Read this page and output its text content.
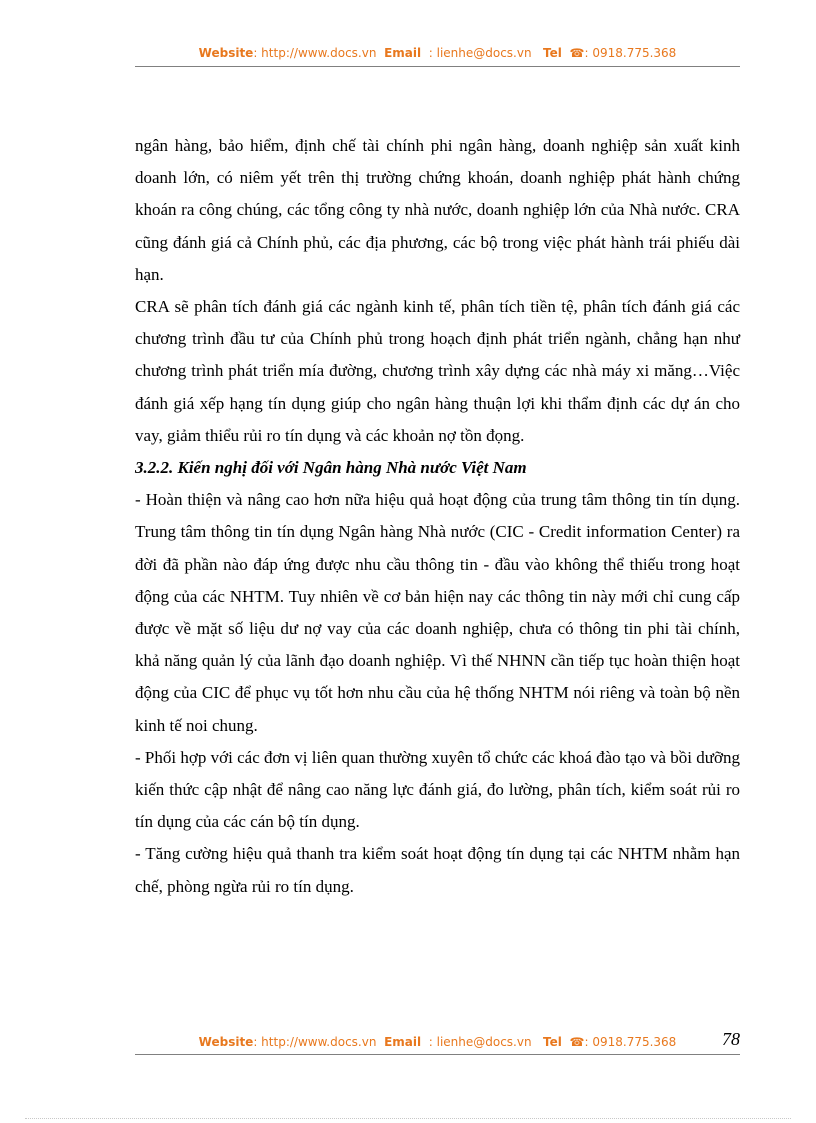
Website: http://www.docs.vn Email : lienhe@docs.vn Tel ☎: 0918.775.368

ngân hàng, bảo hiểm, định chế tài chính phi ngân hàng, doanh nghiệp sản xuất kinh doanh lớn, có niêm yết trên thị trường chứng khoán, doanh nghiệp phát hành chứng khoán ra công chúng, các tổng công ty nhà nước, doanh nghiệp lớn của Nhà nước. CRA cũng đánh giá cả Chính phủ, các địa phương, các bộ trong việc phát hành trái phiếu dài hạn.

CRA sẽ phân tích đánh giá các ngành kinh tế, phân tích tiền tệ, phân tích đánh giá các chương trình đầu tư của Chính phủ trong hoạch định phát triển ngành, chẳng hạn như chương trình phát triển mía đường, chương trình xây dựng các nhà máy xi măng…Việc đánh giá xếp hạng tín dụng giúp cho ngân hàng thuận lợi khi thẩm định các dự án cho vay, giảm thiểu rủi ro tín dụng và các khoản nợ tồn đọng.

3.2.2. Kiến nghị đối với Ngân hàng Nhà nước Việt Nam

- Hoàn thiện và nâng cao hơn nữa hiệu quả hoạt động của trung tâm thông tin tín dụng. Trung tâm thông tin tín dụng Ngân hàng Nhà nước (CIC - Credit information Center) ra đời đã phần nào đáp ứng được nhu cầu thông tin - đầu vào không thể thiếu trong hoạt động của các NHTM. Tuy nhiên về cơ bản hiện nay các thông tin này mới chỉ cung cấp được về mặt số liệu dư nợ vay của các doanh nghiệp, chưa có thông tin phi tài chính, khả năng quản lý của lãnh đạo doanh nghiệp. Vì thế NHNN cần tiếp tục hoàn thiện hoạt động của CIC để phục vụ tốt hơn nhu cầu của hệ thống NHTM nói riêng và toàn bộ nền kinh tế noi chung.

- Phối hợp với các đơn vị liên quan thường xuyên tổ chức các khoá đào tạo và bồi dưỡng kiến thức cập nhật để nâng cao năng lực đánh giá, đo lường, phân tích, kiểm soát rủi ro tín dụng của các cán bộ tín dụng.

- Tăng cường hiệu quả thanh tra kiểm soát hoạt động tín dụng tại các NHTM nhằm hạn chế, phòng ngừa rủi ro tín dụng.

Website: http://www.docs.vn Email : lienhe@docs.vn Tel ☎: 0918.775.368	78
